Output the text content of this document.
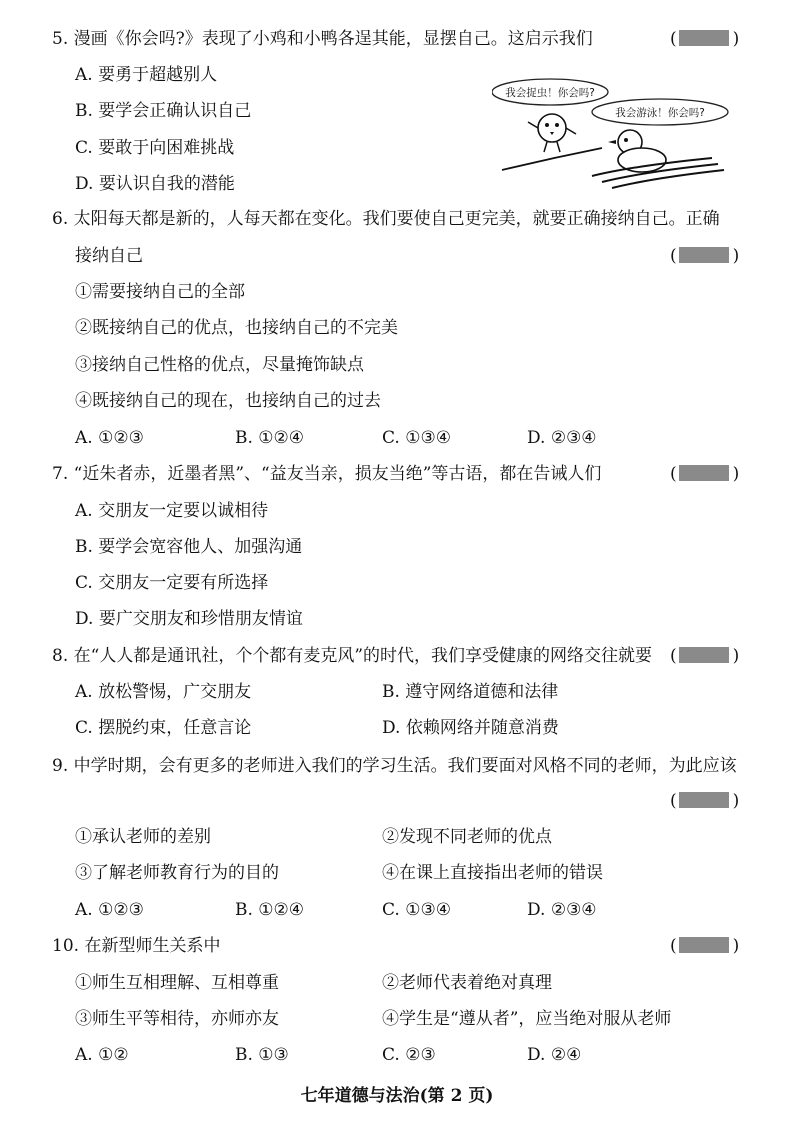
5. 漫画《你会吗?》表现了小鸡和小鸭各逞其能，显摆自己。这启示我们	(	)
A. 要勇于超越别人
B. 要学会正确认识自己
C. 要敢于向困难挑战
D. 要认识自我的潜能
我会捉虫！你会吗?
我会游泳！你会吗?
6. 太阳每天都是新的，人每天都在变化。我们要使自己更完美，就要正确接纳自己。正确
接纳自己	(	)
①需要接纳自己的全部
②既接纳自己的优点，也接纳自己的不完美
③接纳自己性格的优点，尽量掩饰缺点
④既接纳自己的现在，也接纳自己的过去
A. ①②③	B. ①②④	C. ①③④	D. ②③④
7. “近朱者赤，近墨者黑”、“益友当亲，损友当绝”等古语，都在告诫人们	(	)
A. 交朋友一定要以诚相待
B. 要学会宽容他人、加强沟通
C. 交朋友一定要有所选择
D. 要广交朋友和珍惜朋友情谊
8. 在“人人都是通讯社，个个都有麦克风”的时代，我们享受健康的网络交往就要 (	)
A. 放松警惕，广交朋友	B. 遵守网络道德和法律
C. 摆脱约束，任意言论	D. 依赖网络并随意消费
9. 中学时期，会有更多的老师进入我们的学习生活。我们要面对风格不同的老师，为此应该
(	)
①承认老师的差别	②发现不同老师的优点
③了解老师教育行为的目的	④在课上直接指出老师的错误
A. ①②③	B. ①②④	C. ①③④	D. ②③④
10. 在新型师生关系中	(	)
①师生互相理解、互相尊重	②老师代表着绝对真理
③师生平等相待，亦师亦友	④学生是“遵从者”，应当绝对服从老师
A. ①②	B. ①③	C. ②③	D. ②④
七年道德与法治(第 2 页)
